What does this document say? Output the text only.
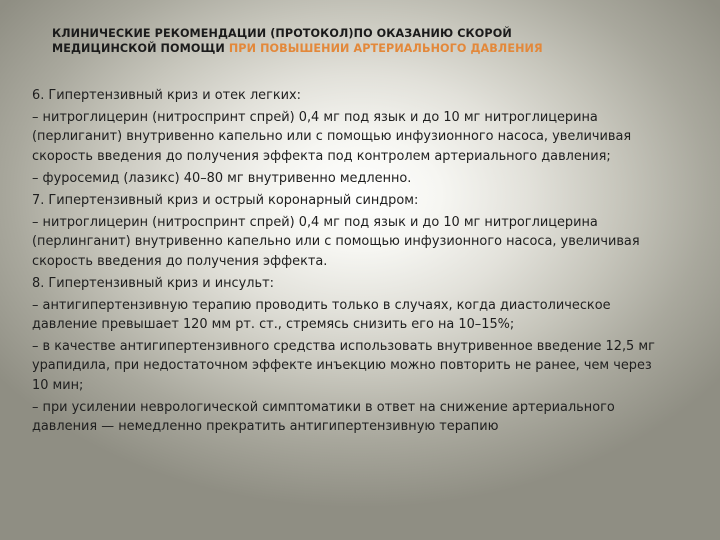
КЛИНИЧЕСКИЕ РЕКОМЕНДАЦИИ (ПРОТОКОЛ)ПО ОКАЗАНИЮ СКОРОЙ МЕДИЦИНСКОЙ ПОМОЩИ ПРИ ПОВЫШЕНИИ АРТЕРИАЛЬНОГО ДАВЛЕНИЯ

6. Гипертензивный криз и отек легких:

– нитроглицерин (нитроспринт спрей) 0,4 мг под язык и до 10 мг нитроглицерина (перлиганит) внутривенно капельно или с помощью инфузионного насоса, увеличивая скорость введения до получения эффекта под контролем артериального давления;

– фуросемид (лазикс) 40–80 мг внутривенно медленно.

7. Гипертензивный криз и острый коронарный синдром:

– нитроглицерин (нитроспринт спрей) 0,4 мг под язык и до 10 мг нитроглицерина (перлинганит) внутривенно капельно или с помощью инфузионного насоса, увеличивая скорость введения до получения эффекта.

8. Гипертензивный криз и инсульт:

– антигипертензивную терапию проводить только в случаях, когда диастолическое давление превышает 120 мм рт. ст., стремясь снизить его на 10–15%;

– в качестве антигипертензивного средства использовать внутривенное введение 12,5 мг урапидила, при недостаточном эффекте инъекцию можно повторить не ранее, чем через 10 мин;

– при усилении неврологической симптоматики в ответ на снижение артериального давления — немедленно прекратить антигипертензивную терапию
